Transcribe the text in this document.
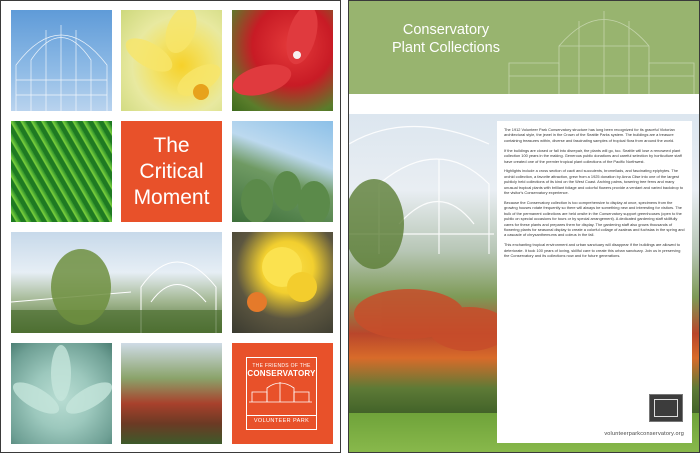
The Critical Moment
THE FRIENDS OF THE
CONSERVATORY
VOLUNTEER PARK
Conservatory Plant Collections

The 1912 Volunteer Park Conservatory structure has long been recognized for its graceful Victorian architectural style, the jewel in the Crown of the Seattle Parks system. The buildings are a treasure containing treasures within, diverse and fascinating samples of tropical flora from around the world.

If the buildings are closed or fall into disrepair, the plants will go, too. Seattle will lose a renowned plant collection 100 years in the making. Generous public donations and careful selection by horticulture staff have created one of the premier tropical plant collections of the Pacific Northwest.

Highlights include a cross section of cacti and succulents, bromeliads, and fascinating epiphytes. The orchid collection, a favorite attraction, grew from a 1925 donation by Anna Clise into one of the largest publicly held collections of its kind on the West Coast. Arching palms, towering tree ferns and many unusual tropical plants with brilliant foliage and colorful flowers provide a verdant and varied backdrop to the visitor's Conservatory experience.

Because the Conservatory collection is too comprehensive to display at once, specimens from the growing houses rotate frequently so there will always be something new and interesting for visitors. The bulk of the permanent collections are held onsite in the Conservatory support greenhouses (open to the public on special occasions for tours or by special arrangement). A dedicated gardening staff skillfully cares for these plants and prepares them for display. The gardening staff also grows thousands of flowering plants for seasonal display to create a colorful collage of azaleas and fuchsias in the spring and a cascade of chrysanthemums and coleus in the fall.

This enchanting tropical environment and urban sanctuary will disappear if the buildings are allowed to deteriorate. It took 100 years of loving, skillful care to create this urban sanctuary. Join us in preserving the Conservatory and its collections now and for future generations.

volunteerparkconservatory.org
